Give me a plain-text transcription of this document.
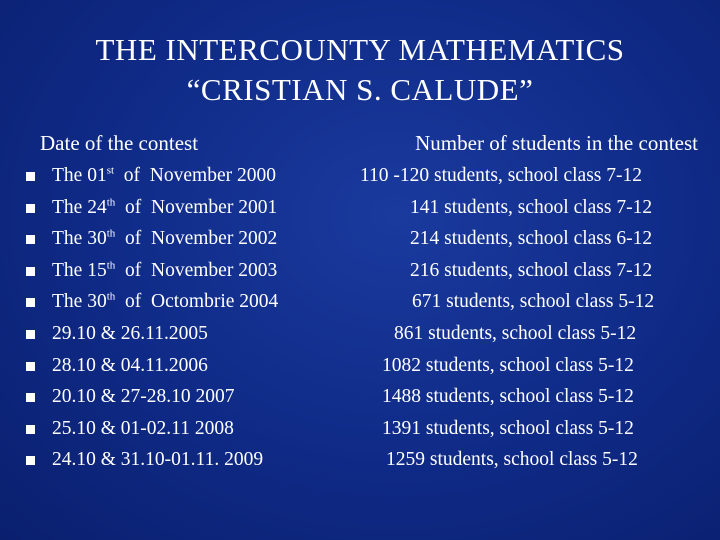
THE INTERCOUNTY MATHEMATICS
“CRISTIAN S. CALUDE”
Date of the contest	Number of students in the contest
The 01st  of  November 2000	110 -120 students, school class 7-12
The 24th  of  November 2001	141 students, school class 7-12
The 30th  of  November 2002	214 students, school class 6-12
The 15th  of  November 2003	216 students, school class 7-12
The 30th  of  Octombrie 2004	671 students, school class 5-12
29.10 & 26.11.2005	861 students, school class 5-12
28.10 & 04.11.2006	1082 students, school class 5-12
20.10 & 27-28.10 2007	1488 students, school class 5-12
25.10 & 01-02.11 2008	1391 students, school class 5-12
24.10 & 31.10-01.11. 2009	1259 students, school class 5-12
